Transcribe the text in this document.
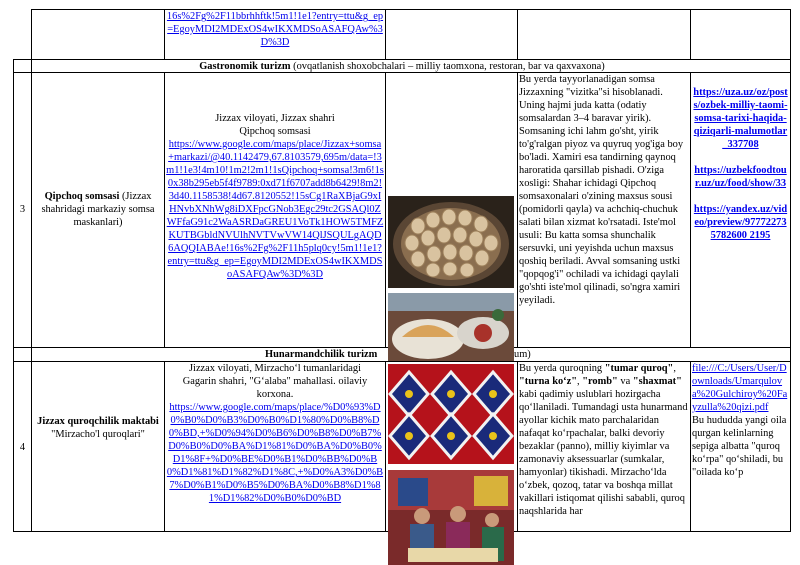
16s%2Fg%2F11bbrhhftk!5m1!1e1?entry=ttu&g_ep=EgoyMDI2MDExOS4wIKXMDSoASAFQAw%3D%3D
Gastronomik turizm (ovqatlanish shoxobchalari – milliy taomxona, restoran, bar va qaxvaxona)
3
Qipchoq somsasi (Jizzax shahridagi markaziy somsa maskanlari)
Jizzax viloyati, Jizzax shahri Qipchoq somsasi
https://www.google.com/maps/place/Jizzax+somsa+markazi/@40.1142479,67.8103579,695m/data=!3m1!1e3!4m10!1m2!2m1!1sQipchoq+somsa!3m6!1s0x38b295eb5f4f9789:0xd71f6707add8b6429!8m2!3d40.1158538!4d67.8120552!15sCg1RaXBjaG9xIHNvbXNhWg8iDXFpcGNob3Egc29tc2GSAQl0ZWFfaG91c2WaASRDaGREU1VoTk1HOW5TMFZKUTBGbldNVUlhNVTVwVW14QlJSQULgAQD6AQQIABAe!16s%2Fg%2F11h5plq0cy!5m1!1e1?entry=ttu&g_ep=EgoyMDI2MDExOS4wIKXMDSoASAFQAw%3D%3D
Bu yerda tayyorlanadigan somsa Jizzaxning "vizitka"si hisoblanadi. Uning hajmi juda katta (odatiy somsalardan 3–4 baravar yirik). Somsaning ichi lahm go'sht, yirik to'g'ralgan piyoz va quyruq yog'iga boy bo'ladi. Xamiri esa tandirning qaynoq haroratida qarsillab pishadi. O'ziga xosligi: Shahar ichidagi Qipchoq somsaxonalari o'zining maxsus sousi (pomidorli qayla) va achchiq-chuchuk salati bilan xizmat ko'rsatadi. Iste'mol usuli: Bu katta somsa shunchalik sersuvki, uni yeyishda uchun maxsus qoshiq beriladi. Avval somsaning ustki "qopqog'i" ochiladi va ichidagi qaylali go'shti iste'mol qilinadi, so'ngra xamiri yeyiladi.
https://uza.uz/oz/posts/ozbek-milliy-taomi-somsa-tarixi-haqida-qiziqarli-malumotlar_337708
https://uzbekfoodtour.uz/uz/food/show/33
https://yandex.uz/video/preview/977722735782600 2195
Hunarmandchilik turizm	um)
4
Jizzax quroqchilik maktabi
"Mirzacho'l quroqlari"
Jizzax viloyati, Mirzachoʻl tumanlaridagi Gagarin shahri, "Gʻalaba" mahallasi. oilaviy korxona.
https://www.google.com/maps/place/%D0%93%D0%B0%D0%B3%D0%B0%D1%80%D0%B8%D0%BD,+%D0%94%D0%B6%D0%B8%D0%B7%D0%B0%D0%BA%D1%81%D0%BA%D0%B0%D1%8F+%D0%BE%D0%B1%D0%BB%D0%B0%D1%81%D1%82%D1%8C,+%D0%A3%D0%B7%D0%B1%D0%B5%D0%BA%D0%B8%D1%81%D1%82%D0%B0%D0%BD
Bu yerda quroqning "tumar quroq", "turna koʻz", "romb" va "shaxmat" kabi qadimiy uslublari hozirgacha qoʻllaniladi. Tumandagi usta hunarmand ayollar kichik mato parchalaridan nafaqat koʻrpachalar, balki devoriy bezaklar (panno), milliy kiyimlar va zamonaviy aksessuarlar (sumkalar, hamyonlar) tikishadi. Mirzachoʻlda oʻzbek, qozoq, tatar va boshqa millat vakillari istiqomat qilishi sababli, quroq naqshlarida har
file:///C:/Users/User/Downloads/Umarqulova%20Gulchiroy%20Fayzulla%20qizi.pdf
Bu hududda yangi oila qurgan kelinlarning sepiga albatta "quroq koʻrpa" qoʻshiladi, bu "oilada koʻp
